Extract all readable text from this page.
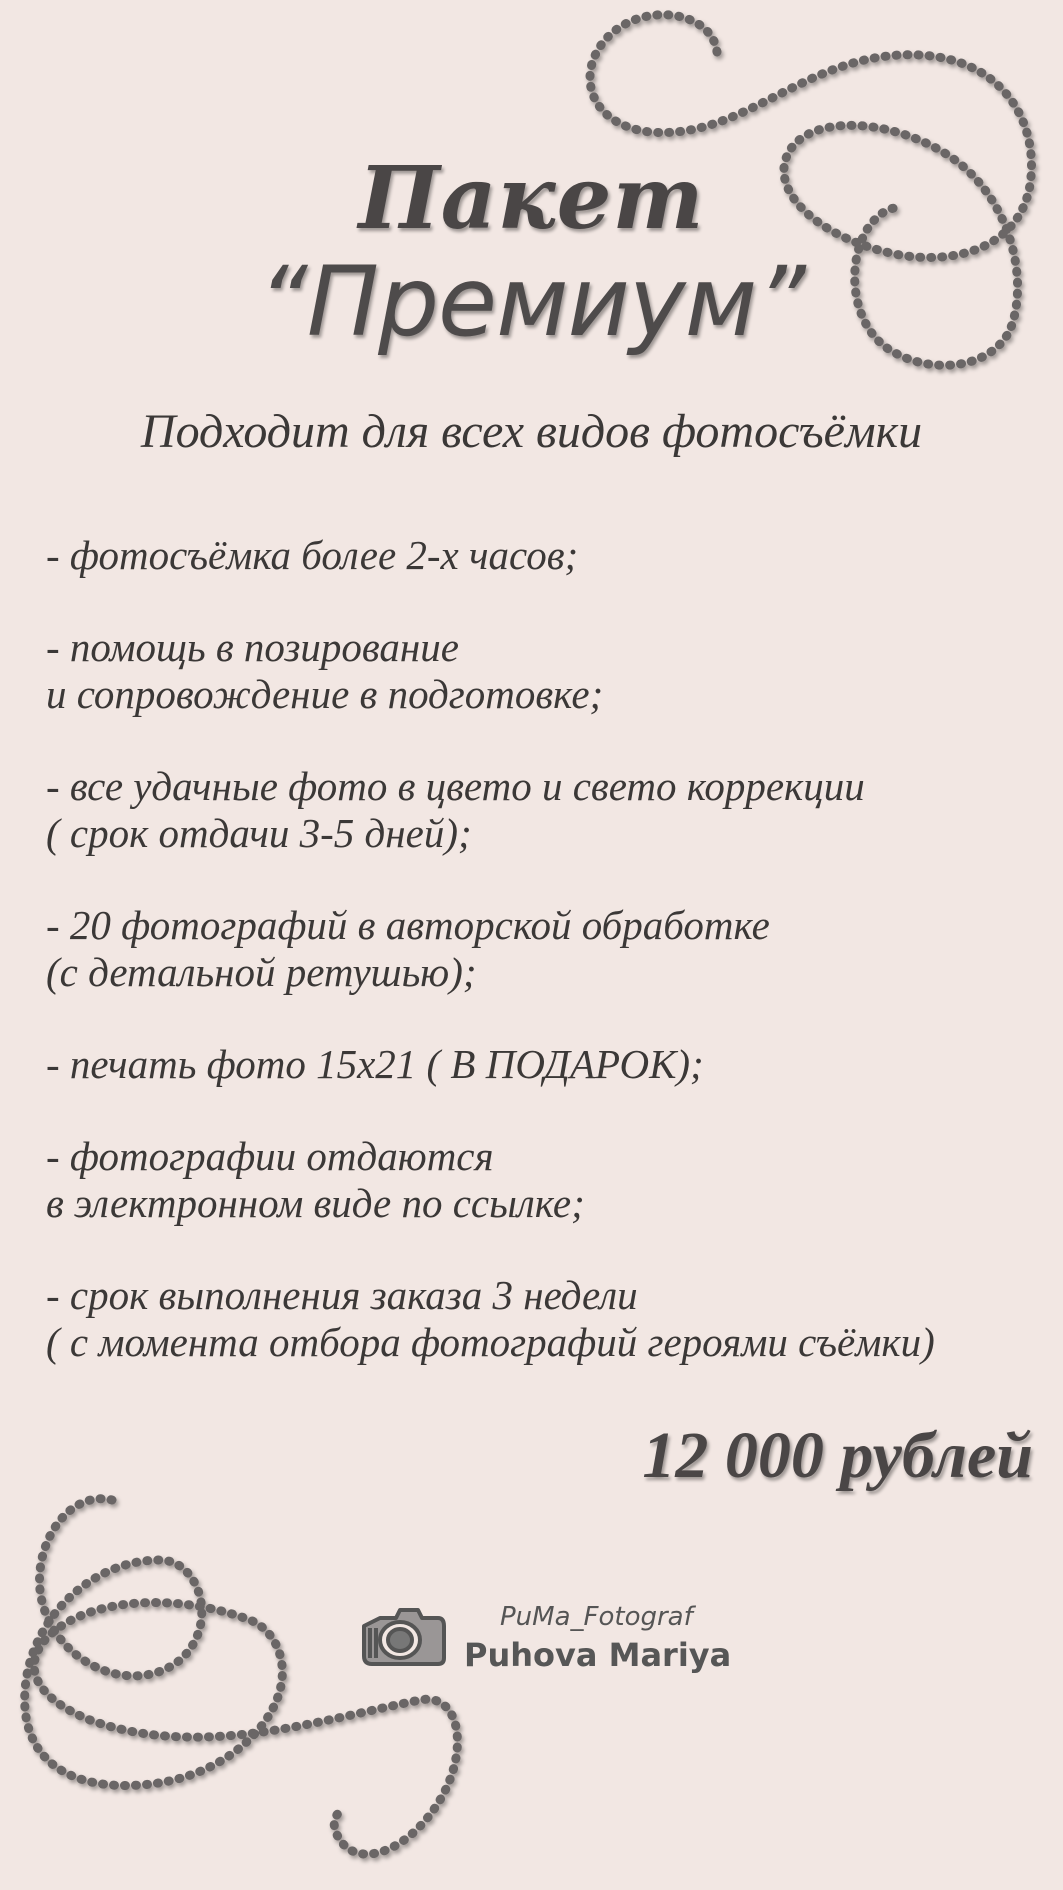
Пакет
“Премиум”
Подходит для всех видов фотосъёмки
- фотосъёмка более 2-х часов;
- помощь в позирование
и сопровождение в подготовке;
- все удачные фото в цвето и свето коррекции
( срок отдачи 3-5 дней);
- 20 фотографий в авторской обработке
(с детальной ретушью);
- печать фото 15x21 ( В ПОДАРОК);
- фотографии отдаются
в электронном виде по ссылке;
- срок выполнения заказа 3 недели
( с момента отбора фотографий героями съёмки)
12 000 рублей
PuMa_Fotograf
Puhova Mariya
